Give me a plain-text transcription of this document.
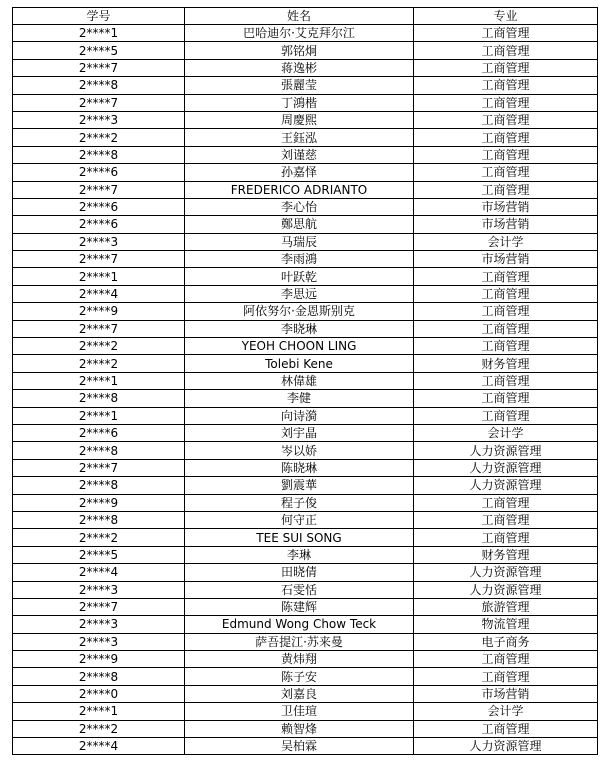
学号	姓名	专业
2****1	巴哈迪尔·艾克拜尔江	工商管理
2****5	郭铭炯	工商管理
2****7	蒋逸彬	工商管理
2****8	張麗莹	工商管理
2****7	丁鴻楷	工商管理
2****3	周慶熙	工商管理
2****2	王鈺泓	工商管理
2****8	刘谨慈	工商管理
2****6	孙嘉怿	工商管理
2****7	FREDERICO ADRIANTO	工商管理
2****6	李心怡	市场营销
2****6	鄭思航	市场营销
2****3	马瑞辰	会计学
2****7	李雨鴻	市场营销
2****1	叶跃乾	工商管理
2****4	李思远	工商管理
2****9	阿依努尔·金恩斯别克	工商管理
2****7	李晓琳	工商管理
2****2	YEOH CHOON LING	工商管理
2****2	Tolebi Kene	财务管理
2****1	林偉雄	工商管理
2****8	李健	工商管理
2****1	向诗漪	工商管理
2****6	刘宇晶	会计学
2****8	岑以娇	人力资源管理
2****7	陈晓琳	人力资源管理
2****8	劉震華	人力资源管理
2****9	程子俊	工商管理
2****8	何守正	工商管理
2****2	TEE SUI SONG	工商管理
2****5	李琳	财务管理
2****4	田晓倩	人力资源管理
2****3	石雯恬	人力资源管理
2****7	陈建辉	旅游管理
2****3	Edmund Wong Chow Teck	物流管理
2****3	萨吾提江·苏来曼	电子商务
2****9	黄炜翔	工商管理
2****8	陈子安	工商管理
2****0	刘嘉良	市场营销
2****1	卫佳瑄	会计学
2****2	赖智烽	工商管理
2****4	吴柏霖	人力资源管理
